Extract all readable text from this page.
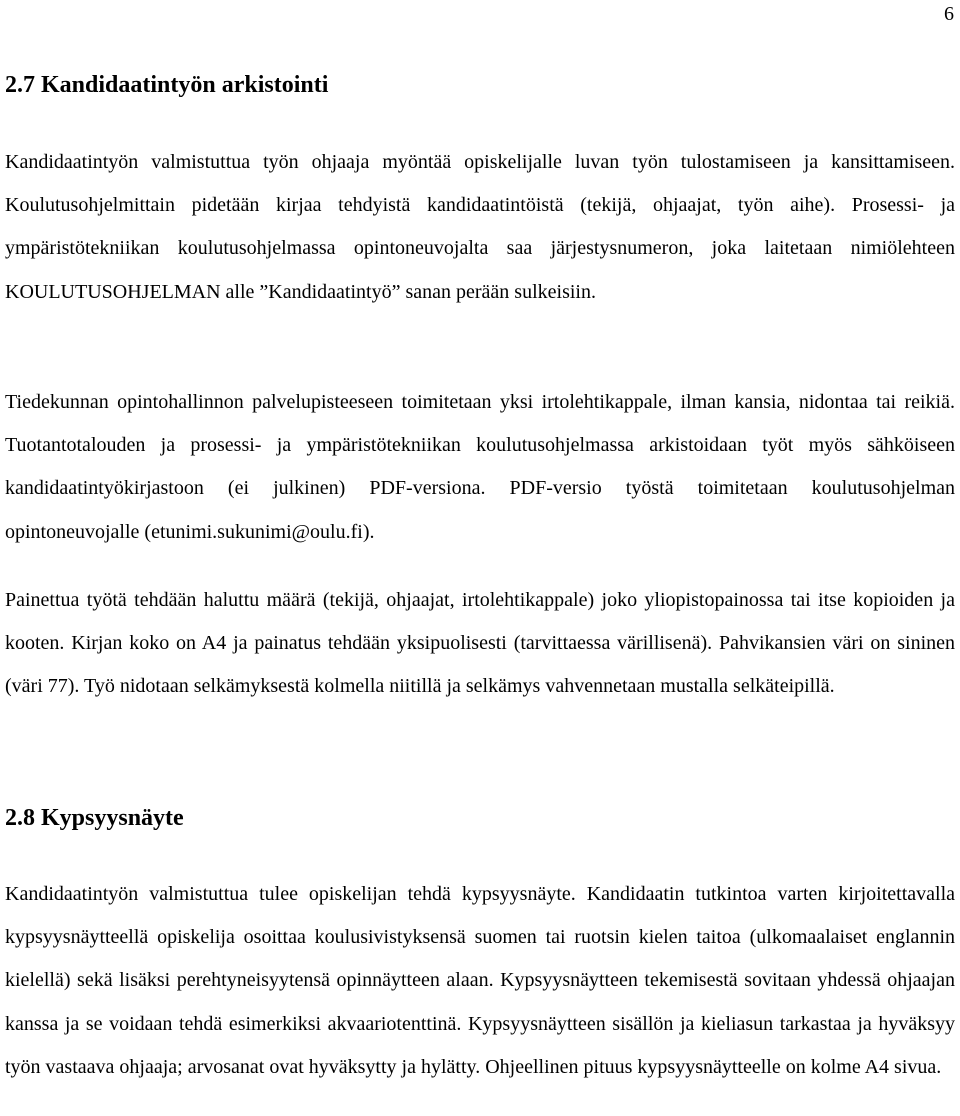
6
2.7 Kandidaatintyön arkistointi

Kandidaatintyön valmistuttua työn ohjaaja myöntää opiskelijalle luvan työn tulostamiseen ja kansittamiseen. Koulutusohjelmittain pidetään kirjaa tehdyistä kandidaatintöistä (tekijä, ohjaajat, työn aihe). Prosessi- ja ympäristötekniikan koulutusohjelmassa opintoneuvojalta saa järjestysnumeron, joka laitetaan nimiölehteen KOULUTUSOHJELMAN alle ”Kandidaatintyö” sanan perään sulkeisiin.

Tiedekunnan opintohallinnon palvelupisteeseen toimitetaan yksi irtolehtikappale, ilman kansia, nidontaa tai reikiä. Tuotantotalouden ja prosessi- ja ympäristötekniikan koulutusohjelmassa arkistoidaan työt myös sähköiseen kandidaatintyökirjastoon (ei julkinen) PDF-versiona. PDF-versio työstä toimitetaan koulutusohjelman opintoneuvojalle (etunimi.sukunimi@oulu.fi).

Painettua työtä tehdään haluttu määrä (tekijä, ohjaajat, irtolehtikappale) joko yliopistopainossa tai itse kopioiden ja kooten. Kirjan koko on A4 ja painatus tehdään yksipuolisesti (tarvittaessa värillisenä). Pahvikansien väri on sininen (väri 77). Työ nidotaan selkämyksestä kolmella niitillä ja selkämys vahvennetaan mustalla selkäteipillä.

2.8 Kypsyysnäyte

Kandidaatintyön valmistuttua tulee opiskelijan tehdä kypsyysnäyte. Kandidaatin tutkintoa varten kirjoitettavalla kypsyysnäytteellä opiskelija osoittaa koulusivistyksensä suomen tai ruotsin kielen taitoa (ulkomaalaiset englannin kielellä) sekä lisäksi perehtyneisyytensä opinnäytteen alaan. Kypsyysnäytteen tekemisestä sovitaan yhdessä ohjaajan kanssa ja se voidaan tehdä esimerkiksi akvaariotenttinä. Kypsyysnäytteen sisällön ja kieliasun tarkastaa ja hyväksyy työn vastaava ohjaaja; arvosanat ovat hyväksytty ja hylätty. Ohjeellinen pituus kypsyysnäytteelle on kolme A4 sivua.
